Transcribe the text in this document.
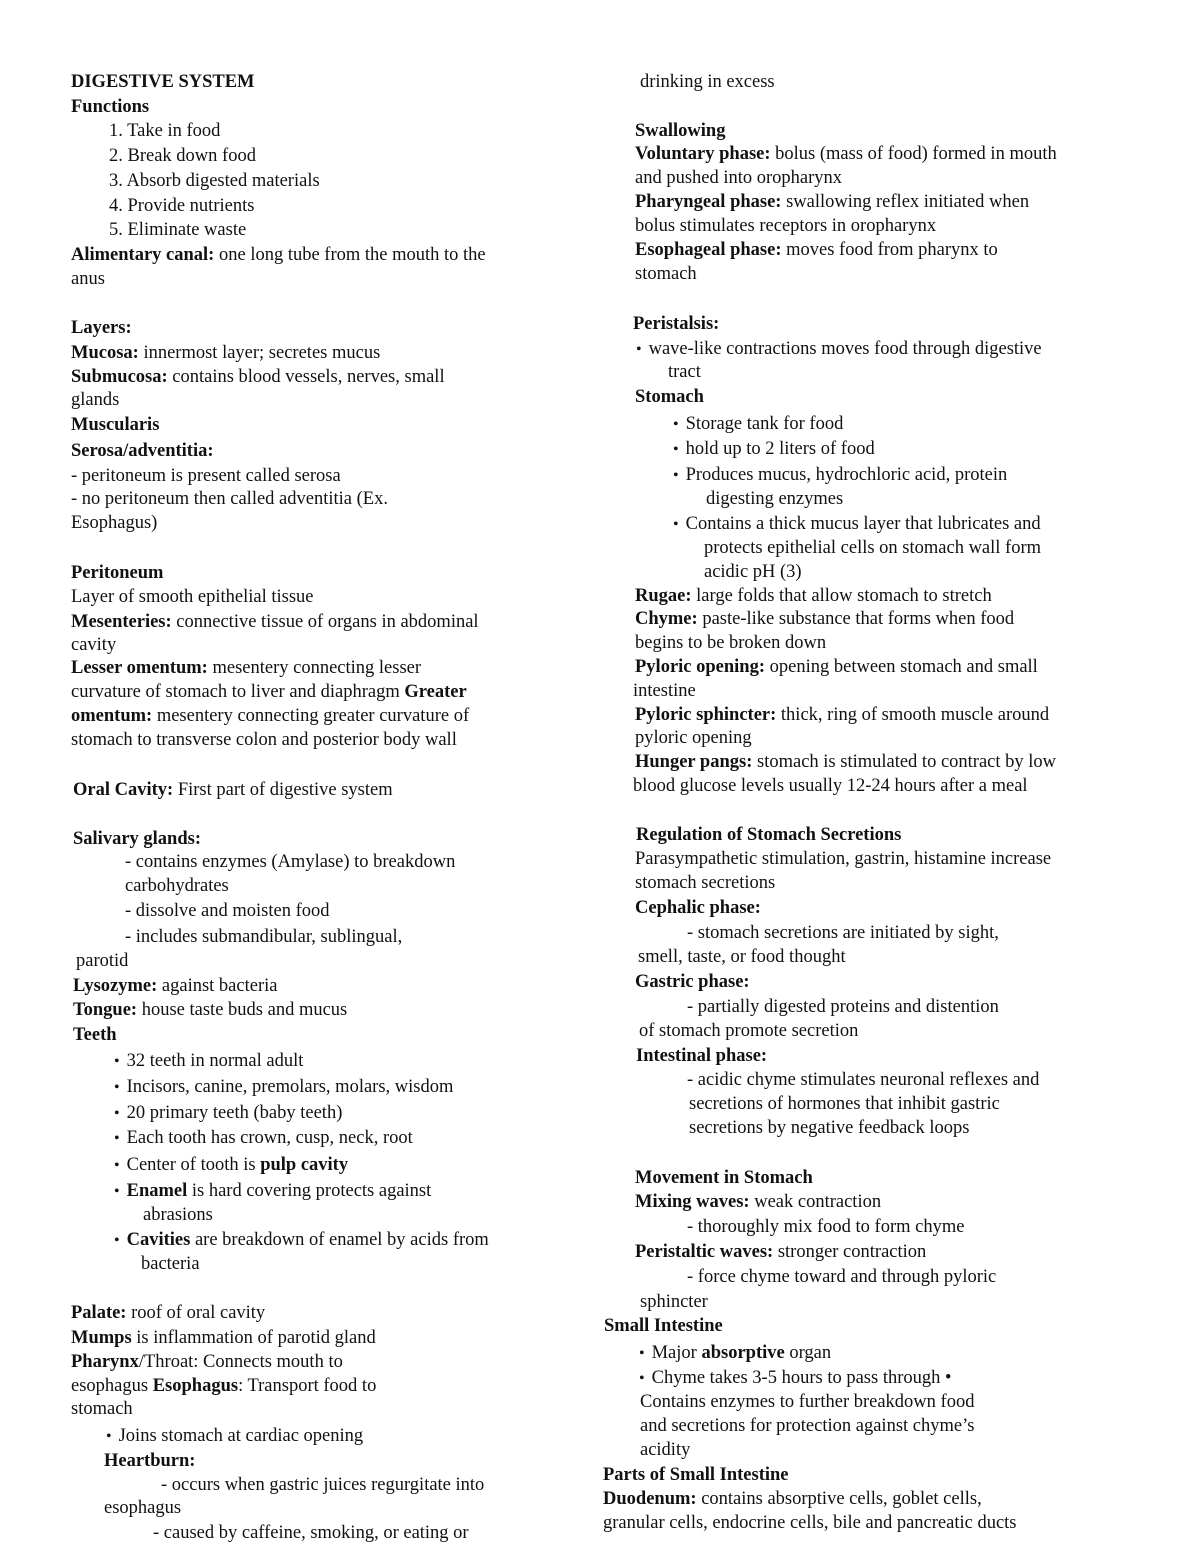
DIGESTIVE SYSTEM
Functions
1. Take in food
2. Break down food
3. Absorb digested materials
4. Provide nutrients
5. Eliminate waste
Alimentary canal: one long tube from the mouth to the
anus
Layers:
Mucosa: innermost layer; secretes mucus
Submucosa: contains blood vessels, nerves, small
glands
Muscularis
Serosa/adventitia:
- peritoneum is present called serosa
- no peritoneum then called adventitia (Ex.
Esophagus)
Peritoneum
Layer of smooth epithelial tissue
Mesenteries: connective tissue of organs in abdominal
cavity
Lesser omentum: mesentery connecting lesser
curvature of stomach to liver and diaphragm Greater
omentum: mesentery connecting greater curvature of
stomach to transverse colon and posterior body wall
Oral Cavity: First part of digestive system
Salivary glands:
- contains enzymes (Amylase) to breakdown
carbohydrates
- dissolve and moisten food
- includes submandibular, sublingual,
parotid
Lysozyme: against bacteria
Tongue: house taste buds and mucus
Teeth
• 32 teeth in normal adult
• Incisors, canine, premolars, molars, wisdom
• 20 primary teeth (baby teeth)
• Each tooth has crown, cusp, neck, root
• Center of tooth is pulp cavity
• Enamel is hard covering protects against
abrasions
• Cavities are breakdown of enamel by acids from
bacteria
Palate: roof of oral cavity
Mumps is inflammation of parotid gland
Pharynx/Throat: Connects mouth to
esophagus Esophagus: Transport food to
stomach
• Joins stomach at cardiac opening
Heartburn:
- occurs when gastric juices regurgitate into
esophagus
- caused by caffeine, smoking, or eating or
drinking in excess
Swallowing
Voluntary phase: bolus (mass of food) formed in mouth
and pushed into oropharynx
Pharyngeal phase: swallowing reflex initiated when
bolus stimulates receptors in oropharynx
Esophageal phase: moves food from pharynx to
stomach
Peristalsis:
• wave-like contractions moves food through digestive
tract
Stomach
• Storage tank for food
• hold up to 2 liters of food
• Produces mucus, hydrochloric acid, protein
digesting enzymes
• Contains a thick mucus layer that lubricates and
protects epithelial cells on stomach wall form
acidic pH (3)
Rugae: large folds that allow stomach to stretch
Chyme: paste-like substance that forms when food
begins to be broken down
Pyloric opening: opening between stomach and small
intestine
Pyloric sphincter: thick, ring of smooth muscle around
pyloric opening
Hunger pangs: stomach is stimulated to contract by low
blood glucose levels usually 12-24 hours after a meal
Regulation of Stomach Secretions
Parasympathetic stimulation, gastrin, histamine increase
stomach secretions
Cephalic phase:
- stomach secretions are initiated by sight,
smell, taste, or food thought
Gastric phase:
- partially digested proteins and distention
of stomach promote secretion
Intestinal phase:
- acidic chyme stimulates neuronal reflexes and
secretions of hormones that inhibit gastric
secretions by negative feedback loops
Movement in Stomach
Mixing waves: weak contraction
- thoroughly mix food to form chyme
Peristaltic waves: stronger contraction
- force chyme toward and through pyloric
sphincter
Small Intestine
• Major absorptive organ
• Chyme takes 3-5 hours to pass through •
Contains enzymes to further breakdown food
and secretions for protection against chyme’s
acidity
Parts of Small Intestine
Duodenum: contains absorptive cells, goblet cells,
granular cells, endocrine cells, bile and pancreatic ducts
